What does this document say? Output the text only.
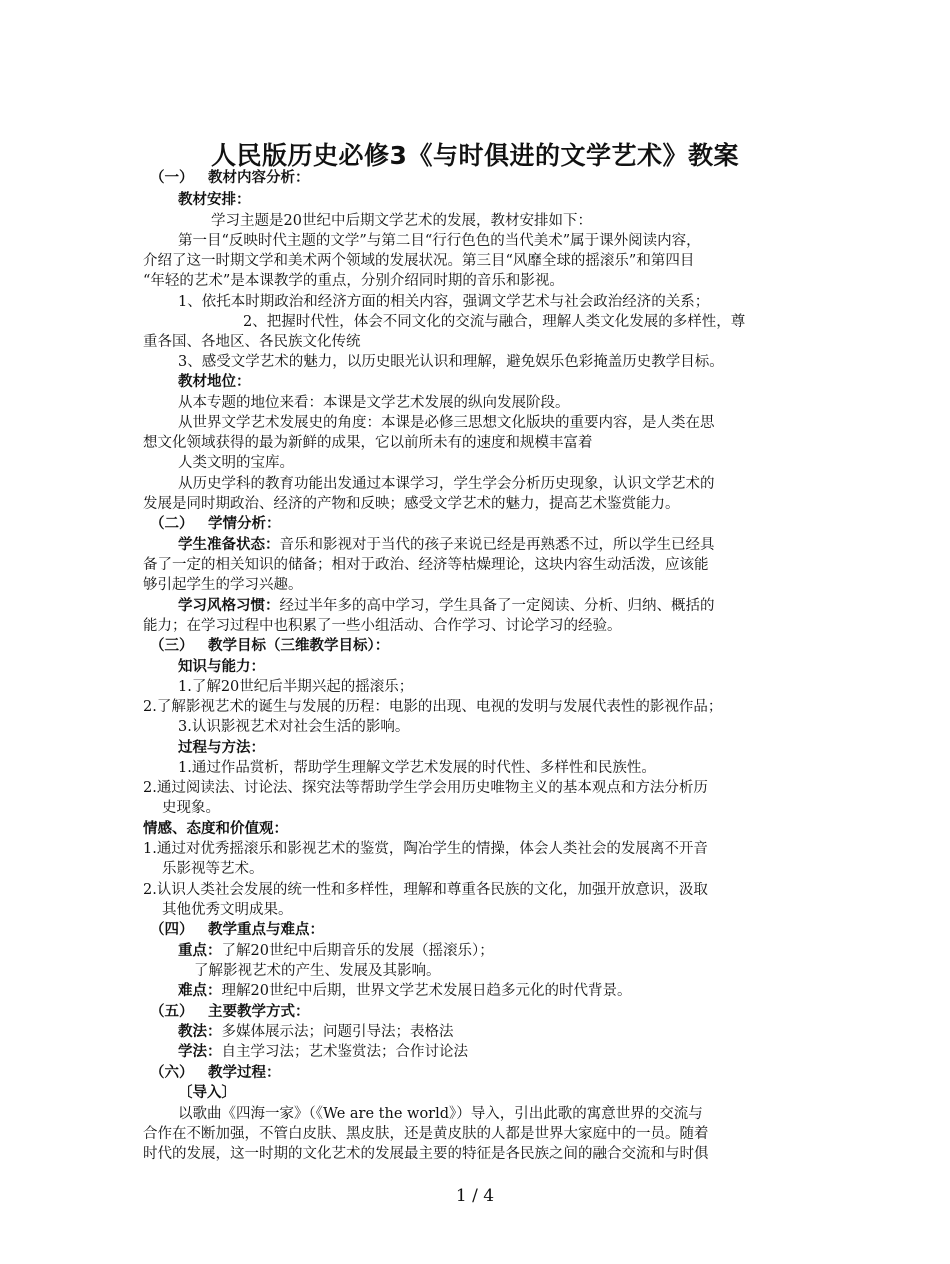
人民版历史必修3《与时俱进的文学艺术》教案
（一） 教材内容分析：
教材安排：
学习主题是20世纪中后期文学艺术的发展，教材安排如下：
第一目“反映时代主题的文学”与第二目“行行色色的当代美术”属于课外阅读内容，
介绍了这一时期文学和美术两个领域的发展状况。第三目“风靡全球的摇滚乐”和第四目
“年轻的艺术”是本课教学的重点，分别介绍同时期的音乐和影视。
1、依托本时期政治和经济方面的相关内容，强调文学艺术与社会政治经济的关系；
2、把握时代性，体会不同文化的交流与融合，理解人类文化发展的多样性，尊
重各国、各地区、各民族文化传统
3、感受文学艺术的魅力，以历史眼光认识和理解，避免娱乐色彩掩盖历史教学目标。
教材地位：
从本专题的地位来看：本课是文学艺术发展的纵向发展阶段。
从世界文学艺术发展史的角度：本课是必修三思想文化版块的重要内容，是人类在思
想文化领域获得的最为新鲜的成果，它以前所未有的速度和规模丰富着
人类文明的宝库。
从历史学科的教育功能出发通过本课学习，学生学会分析历史现象，认识文学艺术的
发展是同时期政治、经济的产物和反映；感受文学艺术的魅力，提高艺术鉴赏能力。
（二） 学情分析：
学生准备状态：音乐和影视对于当代的孩子来说已经是再熟悉不过，所以学生已经具
备了一定的相关知识的储备；相对于政治、经济等枯燥理论，这块内容生动活泼，应该能
够引起学生的学习兴趣。
学习风格习惯：经过半年多的高中学习，学生具备了一定阅读、分析、归纳、概括的
能力；在学习过程中也积累了一些小组活动、合作学习、讨论学习的经验。
（三） 教学目标（三维教学目标）：
知识与能力：
1.了解20世纪后半期兴起的摇滚乐；
2.了解影视艺术的诞生与发展的历程：电影的出现、电视的发明与发展代表性的影视作品；
3.认识影视艺术对社会生活的影响。
过程与方法：
1.通过作品赏析，帮助学生理解文学艺术发展的时代性、多样性和民族性。
2.通过阅读法、讨论法、探究法等帮助学生学会用历史唯物主义的基本观点和方法分析历
史现象。
情感、态度和价值观：
1.通过对优秀摇滚乐和影视艺术的鉴赏，陶冶学生的情操，体会人类社会的发展离不开音
乐影视等艺术。
2.认识人类社会发展的统一性和多样性，理解和尊重各民族的文化，加强开放意识，汲取
其他优秀文明成果。
（四） 教学重点与难点：
重点：了解20世纪中后期音乐的发展（摇滚乐）；
了解影视艺术的产生、发展及其影响。
难点：理解20世纪中后期，世界文学艺术发展日趋多元化的时代背景。
（五） 主要教学方式：
教法：多媒体展示法；问题引导法；表格法
学法：自主学习法；艺术鉴赏法；合作讨论法
（六） 教学过程：
〔导入〕
以歌曲《四海一家》（《We are the world》）导入，引出此歌的寓意世界的交流与
合作在不断加强，不管白皮肤、黑皮肤，还是黄皮肤的人都是世界大家庭中的一员。随着
时代的发展，这一时期的文化艺术的发展最主要的特征是各民族之间的融合交流和与时俱
1 / 4
